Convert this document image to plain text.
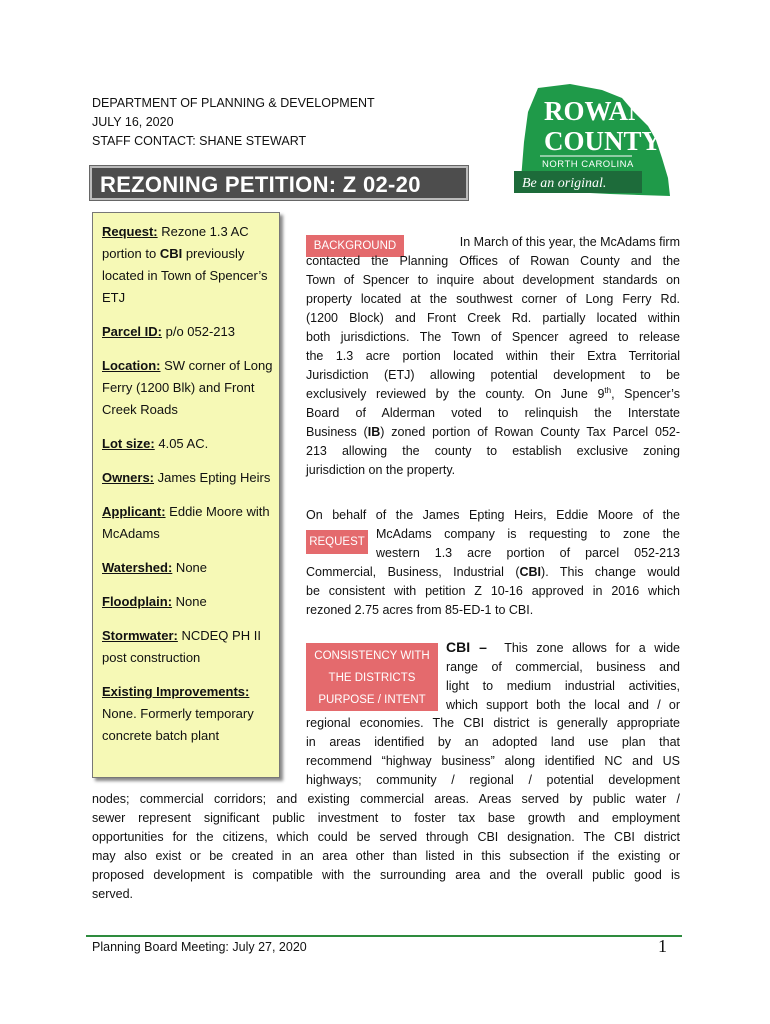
DEPARTMENT OF PLANNING & DEVELOPMENT
JULY 16, 2020
STAFF CONTACT: SHANE STEWART
ROWAN
COUNTY
NORTH CAROLINA
Be an original.
REZONING PETITION: Z 02-20

Request: Rezone 1.3 AC portion to CBI previously located in Town of Spencer’s ETJ

Parcel ID: p/o 052-213

Location: SW corner of Long Ferry (1200 Blk) and Front Creek Roads

Lot size: 4.05 AC.

Owners: James Epting Heirs

Applicant: Eddie Moore with McAdams

Watershed: None

Floodplain: None

Stormwater: NCDEQ PH II post construction

Existing Improvements:
None. Formerly temporary concrete batch plant

BACKGROUND
REQUEST
CONSISTENCY WITH
THE DISTRICTS
PURPOSE / INTENT
In March of this year, the McAdams firm
contacted the Planning Offices of Rowan County and the
Town of Spencer to inquire about development standards on
property located at the southwest corner of Long Ferry Rd.
(1200 Block) and Front Creek Rd. partially located within
both jurisdictions. The Town of Spencer agreed to release
the 1.3 acre portion located within their Extra Territorial
Jurisdiction (ETJ) allowing potential development to be
exclusively reviewed by the county. On June 9th, Spencer’s
Board of Alderman voted to relinquish the Interstate
Business (IB) zoned portion of Rowan County Tax Parcel 052-
213 allowing the county to establish exclusive zoning
jurisdiction on the property.
On behalf of the James Epting Heirs, Eddie Moore of the
McAdams company is requesting to zone the
western 1.3 acre portion of parcel 052-213
Commercial, Business, Industrial (CBI). This change would
be consistent with petition Z 10-16 approved in 2016 which
rezoned 2.75 acres from 85-ED-1 to CBI.
CBI – This zone allows for a wide
range of commercial, business and
light to medium industrial activities,
which support both the local and / or
regional economies. The CBI district is generally appropriate
in areas identified by an adopted land use plan that
recommend “highway business” along identified NC and US
highways; community / regional / potential development
nodes; commercial corridors; and existing commercial areas. Areas served by public water /
sewer represent significant public investment to foster tax base growth and employment
opportunities for the citizens, which could be served through CBI designation. The CBI district
may also exist or be created in an area other than listed in this subsection if the existing or
proposed development is compatible with the surrounding area and the overall public good is
served.
Planning Board Meeting: July 27, 2020	1
